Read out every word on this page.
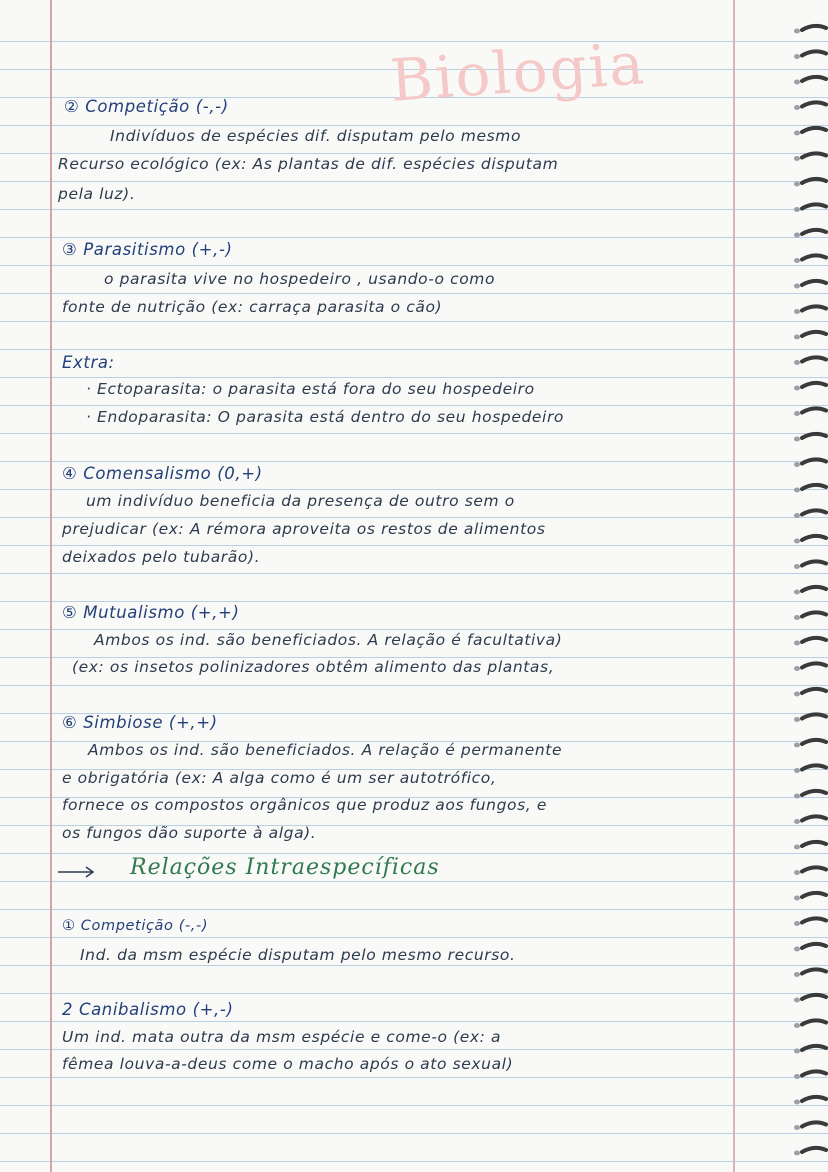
Biologia
② Competição (-,-)
Indivíduos de espécies dif. disputam pelo mesmo
Recurso ecológico (ex: As plantas de dif. espécies disputam
pela luz).
③ Parasitismo (+,-)
o parasita vive no hospedeiro , usando-o como
fonte de nutrição (ex: carraça parasita o cão)
Extra:
· Ectoparasita: o parasita está fora do seu hospedeiro
· Endoparasita: O parasita está dentro do seu hospedeiro
④ Comensalismo (0,+)
um indivíduo beneficia da presença de outro sem o
prejudicar (ex: A rémora aproveita os restos de alimentos
deixados pelo tubarão).
⑤ Mutualismo (+,+)
Ambos os ind. são beneficiados. A relação é facultativa)
(ex: os insetos polinizadores obtêm alimento das plantas,
⑥ Simbiose (+,+)
Ambos os ind. são beneficiados. A relação é permanente
e obrigatória (ex: A alga como é um ser autotrófico,
fornece os compostos orgânicos que produz aos fungos, e
os fungos dão suporte à alga).
Relações Intraespecíficas
① Competição (-,-)
Ind. da msm espécie disputam pelo mesmo recurso.
2 Canibalismo (+,-)
Um ind. mata outra da msm espécie e come-o (ex: a
fêmea louva-a-deus come o macho após o ato sexual)
